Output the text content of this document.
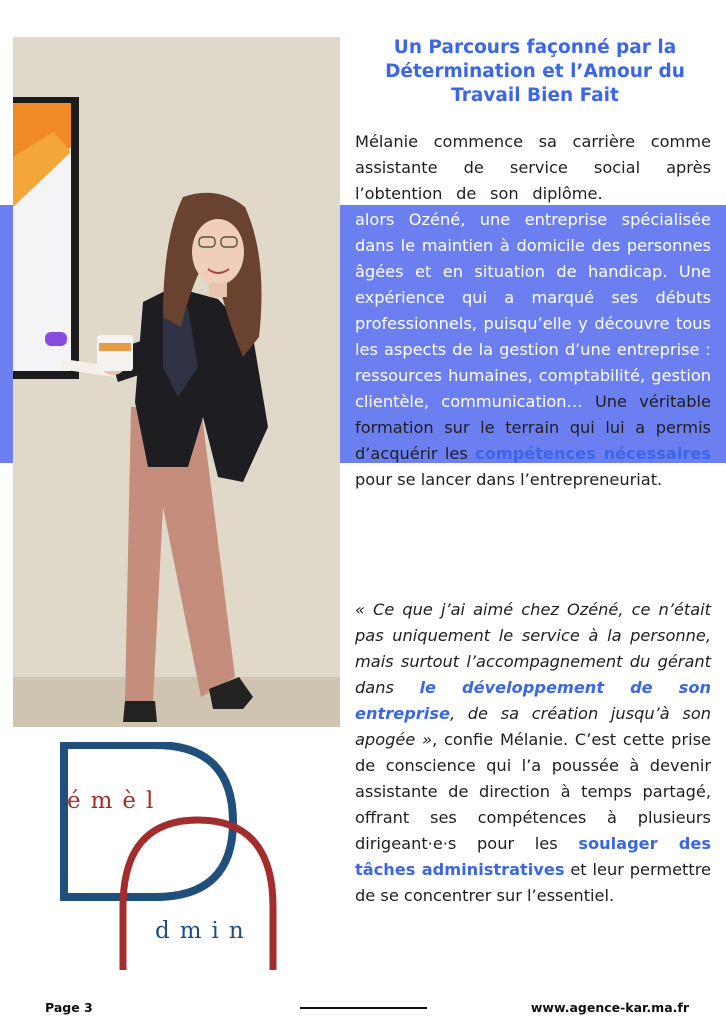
Un Parcours façonné par la Détermination et l’Amour du Travail Bien Fait

Mélanie commence sa carrière comme assistante de service social après l’obtention de son diplôme. Elle rejoint alors Ozéné, une entreprise spécialisée dans le maintien à domicile des personnes âgées et en situation de handicap. Une expérience qui a marqué ses débuts professionnels, puisqu’elle y découvre tous les aspects de la gestion d’une entreprise : ressources humaines, comptabilité, gestion clientèle, communication… Une véritable formation sur le terrain qui lui a permis d’acquérir les compétences nécessaires pour se lancer dans l’entrepreneuriat.

« Ce que j’ai aimé chez Ozéné, ce n’était pas uniquement le service à la personne, mais surtout l’accompagnement du gérant dans le développement de son entreprise, de sa création jusqu’à son apogée », confie Mélanie. C’est cette prise de conscience qui l’a poussée à devenir assistante de direction à temps partagé, offrant ses compétences à plusieurs dirigeant·e·s pour les soulager des tâches administratives et leur permettre de se concentrer sur l’essentiel.

émèl
dmin
Page 3	www.agence-kar.ma.fr
